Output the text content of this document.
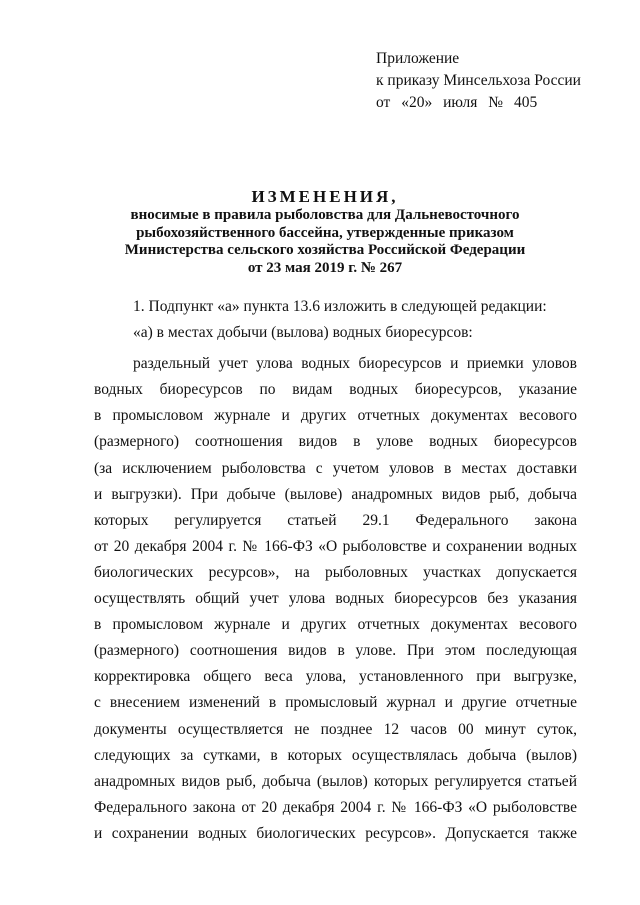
Приложение
к приказу Минсельхоза России
от «20» июля № 405
ИЗМЕНЕНИЯ,
вносимые в правила рыболовства для Дальневосточного
рыбохозяйственного бассейна, утвержденные приказом
Министерства сельского хозяйства Российской Федерации
от 23 мая 2019 г. № 267
1. Подпункт «а» пункта 13.6 изложить в следующей редакции:
«а) в местах добычи (вылова) водных биоресурсов:
раздельный учет улова водных биоресурсов и приемки уловов
водных биоресурсов по видам водных биоресурсов, указание
в промысловом журнале и других отчетных документах весового
(размерного) соотношения видов в улове водных биоресурсов
(за исключением рыболовства с учетом уловов в местах доставки
и выгрузки). При добыче (вылове) анадромных видов рыб, добыча
которых регулируется статьей 29.1 Федерального закона
от 20 декабря 2004 г. № 166-ФЗ «О рыболовстве и сохранении водных
биологических ресурсов», на рыболовных участках допускается
осуществлять общий учет улова водных биоресурсов без указания
в промысловом журнале и других отчетных документах весового
(размерного) соотношения видов в улове. При этом последующая
корректировка общего веса улова, установленного при выгрузке,
с внесением изменений в промысловый журнал и другие отчетные
документы осуществляется не позднее 12 часов 00 минут суток,
следующих за сутками, в которых осуществлялась добыча (вылов)
анадромных видов рыб, добыча (вылов) которых регулируется статьей
Федерального закона от 20 декабря 2004 г. № 166-ФЗ «О рыболовстве
и сохранении водных биологических ресурсов». Допускается также
